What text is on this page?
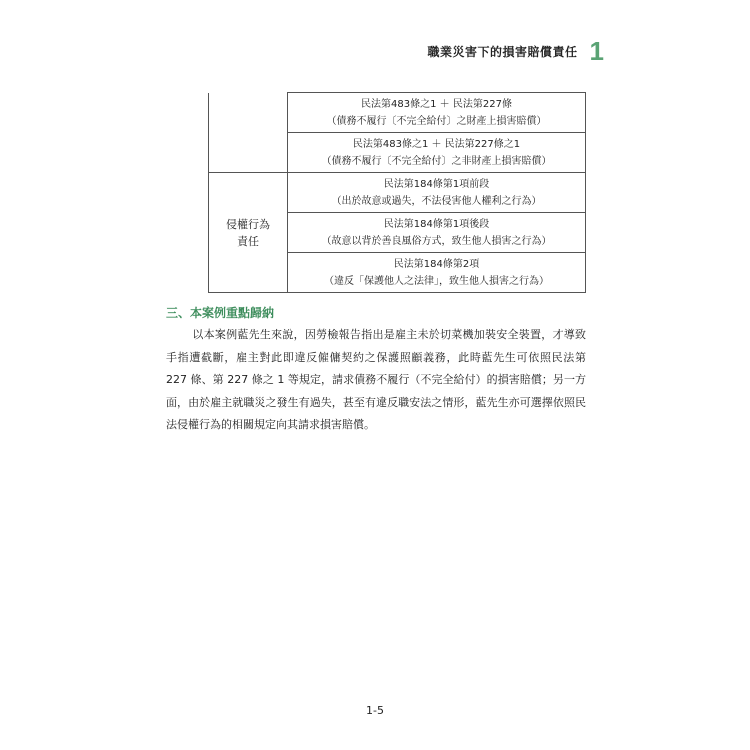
職業災害下的損害賠償責任 1

	民法第483條之1 ＋ 民法第227條
（債務不履行〔不完全給付〕之財產上損害賠償）

	民法第483條之1 ＋ 民法第227條之1
（債務不履行〔不完全給付〕之非財產上損害賠償）

侵權行為
責任	民法第184條第1項前段
（出於故意或過失，不法侵害他人權利之行為）

	民法第184條第1項後段
（故意以背於善良風俗方式，致生他人損害之行為）

	民法第184條第2項
（違反「保護他人之法律」，致生他人損害之行為）
三、本案例重點歸納

以本案例藍先生來說，因勞檢報告指出是雇主未於切菜機加裝安全裝置，才導致手指遭截斷，雇主對此即違反僱傭契約之保護照顧義務，此時藍先生可依照民法第 227 條、第 227 條之 1 等規定，請求債務不履行（不完全給付）的損害賠償；另一方面，由於雇主就職災之發生有過失，甚至有違反職安法之情形，藍先生亦可選擇依照民法侵權行為的相關規定向其請求損害賠償。

1-5
